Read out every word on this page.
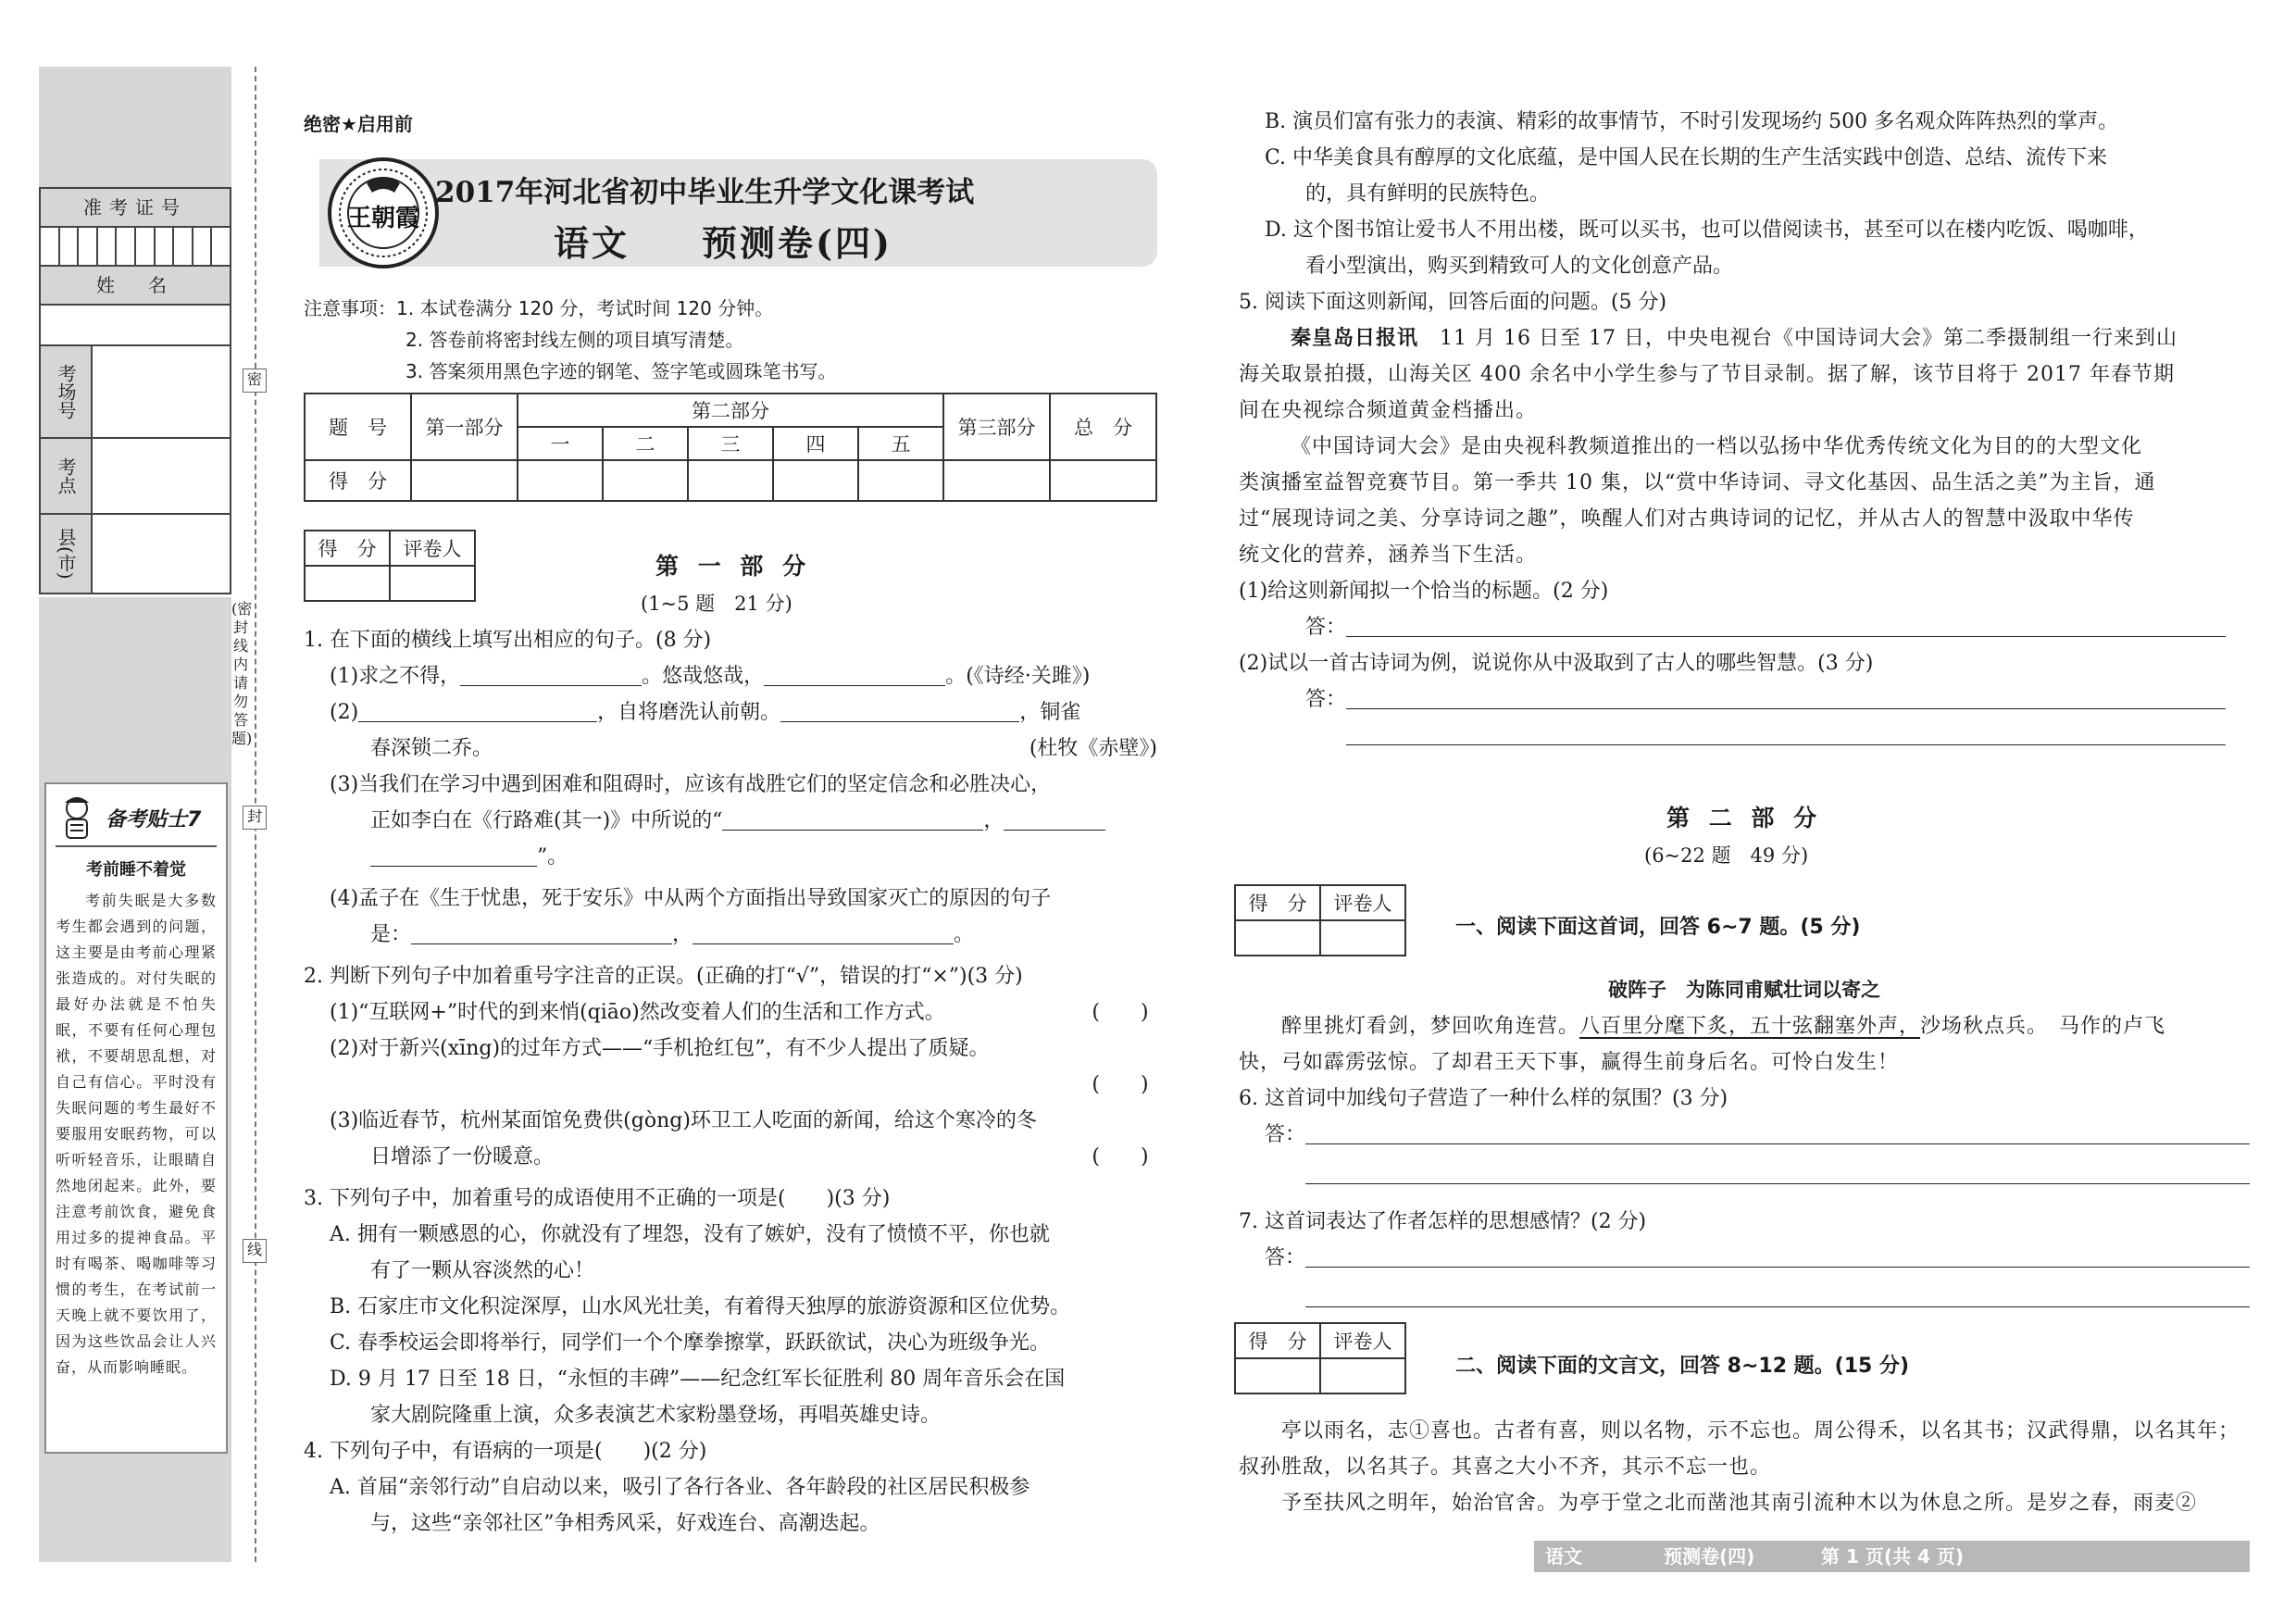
准考证号
姓　名
考场号
考点
县(市)
备考贴士7
考前睡不着觉
考前失眠是大多数考生都会遇到的问题，这主要是由考前心理紧张造成的。对付失眠的最好办法就是不怕失眠，不要有任何心理包袱，不要胡思乱想，对自己有信心。平时没有失眠问题的考生最好不要服用安眠药物，可以听听轻音乐，让眼睛自然地闭起来。此外，要注意考前饮食，避免食用过多的提神食品。平时有喝茶、喝咖啡等习惯的考生，在考试前一天晚上就不要饮用了，因为这些饮品会让人兴奋，从而影响睡眠。
密
封
线
(密封线内请勿答题)
绝密★启用前
王朝霞
2017年河北省初中毕业生升学文化课考试
语文 预测卷(四)
注意事项：1. 本试卷满分 120 分，考试时间 120 分钟。
2. 答卷前将密封线左侧的项目填写清楚。
3. 答案须用黑色字迹的钢笔、签字笔或圆珠笔书写。
题　号	第一部分	第二部分					第三部分	总　分
		一	二	三	四	五		
得　分								
得　分	评卷人

第 一 部 分
(1~5 题　21 分)
1. 在下面的横线上填写出相应的句子。(8 分)
(1)求之不得，	。悠哉悠哉，	。(《诗经·关雎》)
(2)	，自将磨洗认前朝。	，铜雀
春深锁二乔。	(杜牧《赤壁》)
(3)当我们在学习中遇到困难和阻碍时，应该有战胜它们的坚定信念和必胜决心，
正如李白在《行路难(其一)》中所说的“	，
”。
(4)孟子在《生于忧患，死于安乐》中从两个方面指出导致国家灭亡的原因的句子
是：	，	。
2. 判断下列句子中加着重号字注音的正误。(正确的打“√”，错误的打“×”)(3 分)
(1)“互联网+”时代的到来悄(qiāo)然改变着人们的生活和工作方式。	(　　)
(2)对于新兴(xīng)的过年方式——“手机抢红包”，有不少人提出了质疑。
(　　)
(3)临近春节，杭州某面馆免费供(gòng)环卫工人吃面的新闻，给这个寒冷的冬
日增添了一份暖意。	(　　)
3. 下列句子中，加着重号的成语使用不正确的一项是(　　)(3 分)
A. 拥有一颗感恩的心，你就没有了埋怨，没有了嫉妒，没有了愤愤不平，你也就
有了一颗从容淡然的心！
B. 石家庄市文化积淀深厚，山水风光壮美，有着得天独厚的旅游资源和区位优势。
C. 春季校运会即将举行，同学们一个个摩拳擦掌，跃跃欲试，决心为班级争光。
D. 9 月 17 日至 18 日，“永恒的丰碑”——纪念红军长征胜利 80 周年音乐会在国
家大剧院隆重上演，众多表演艺术家粉墨登场，再唱英雄史诗。
4. 下列句子中，有语病的一项是(　　)(2 分)
A. 首届“亲邻行动”自启动以来，吸引了各行各业、各年龄段的社区居民积极参
与，这些“亲邻社区”争相秀风采，好戏连台、高潮迭起。
B. 演员们富有张力的表演、精彩的故事情节，不时引发现场约 500 多名观众阵阵热烈的掌声。
C. 中华美食具有醇厚的文化底蕴，是中国人民在长期的生产生活实践中创造、总结、流传下来
的，具有鲜明的民族特色。
D. 这个图书馆让爱书人不用出楼，既可以买书，也可以借阅读书，甚至可以在楼内吃饭、喝咖啡，
看小型演出，购买到精致可人的文化创意产品。
5. 阅读下面这则新闻，回答后面的问题。(5 分)
秦皇岛日报讯　11 月 16 日至 17 日，中央电视台《中国诗词大会》第二季摄制组一行来到山
海关取景拍摄，山海关区 400 余名中小学生参与了节目录制。据了解，该节目将于 2017 年春节期
间在央视综合频道黄金档播出。
《中国诗词大会》是由央视科教频道推出的一档以弘扬中华优秀传统文化为目的的大型文化
类演播室益智竞赛节目。第一季共 10 集，以“赏中华诗词、寻文化基因、品生活之美”为主旨，通
过“展现诗词之美、分享诗词之趣”，唤醒人们对古典诗词的记忆，并从古人的智慧中汲取中华传
统文化的营养，涵养当下生活。
(1)给这则新闻拟一个恰当的标题。(2 分)
答：
(2)试以一首古诗词为例，说说你从中汲取到了古人的哪些智慧。(3 分)
答：
第 二 部 分
(6~22 题　49 分)
得　分	评卷人

一、阅读下面这首词，回答 6~7 题。(5 分)
破阵子　为陈同甫赋壮词以寄之
醉里挑灯看剑，梦回吹角连营。八百里分麾下炙，五十弦翻塞外声，沙场秋点兵。　马作的卢飞
快，弓如霹雳弦惊。了却君王天下事，赢得生前身后名。可怜白发生！
6. 这首词中加线句子营造了一种什么样的氛围？(3 分)
答：
7. 这首词表达了作者怎样的思想感情？(2 分)
答：
得　分	评卷人

二、阅读下面的文言文，回答 8~12 题。(15 分)
亭以雨名，志①喜也。古者有喜，则以名物，示不忘也。周公得禾，以名其书；汉武得鼎，以名其年；
叔孙胜敌，以名其子。其喜之大小不齐，其示不忘一也。
予至扶风之明年，始治官舍。为亭于堂之北而凿池其南引流种木以为休息之所。是岁之春，雨麦②
语文	预测卷(四)	第 1 页(共 4 页)
